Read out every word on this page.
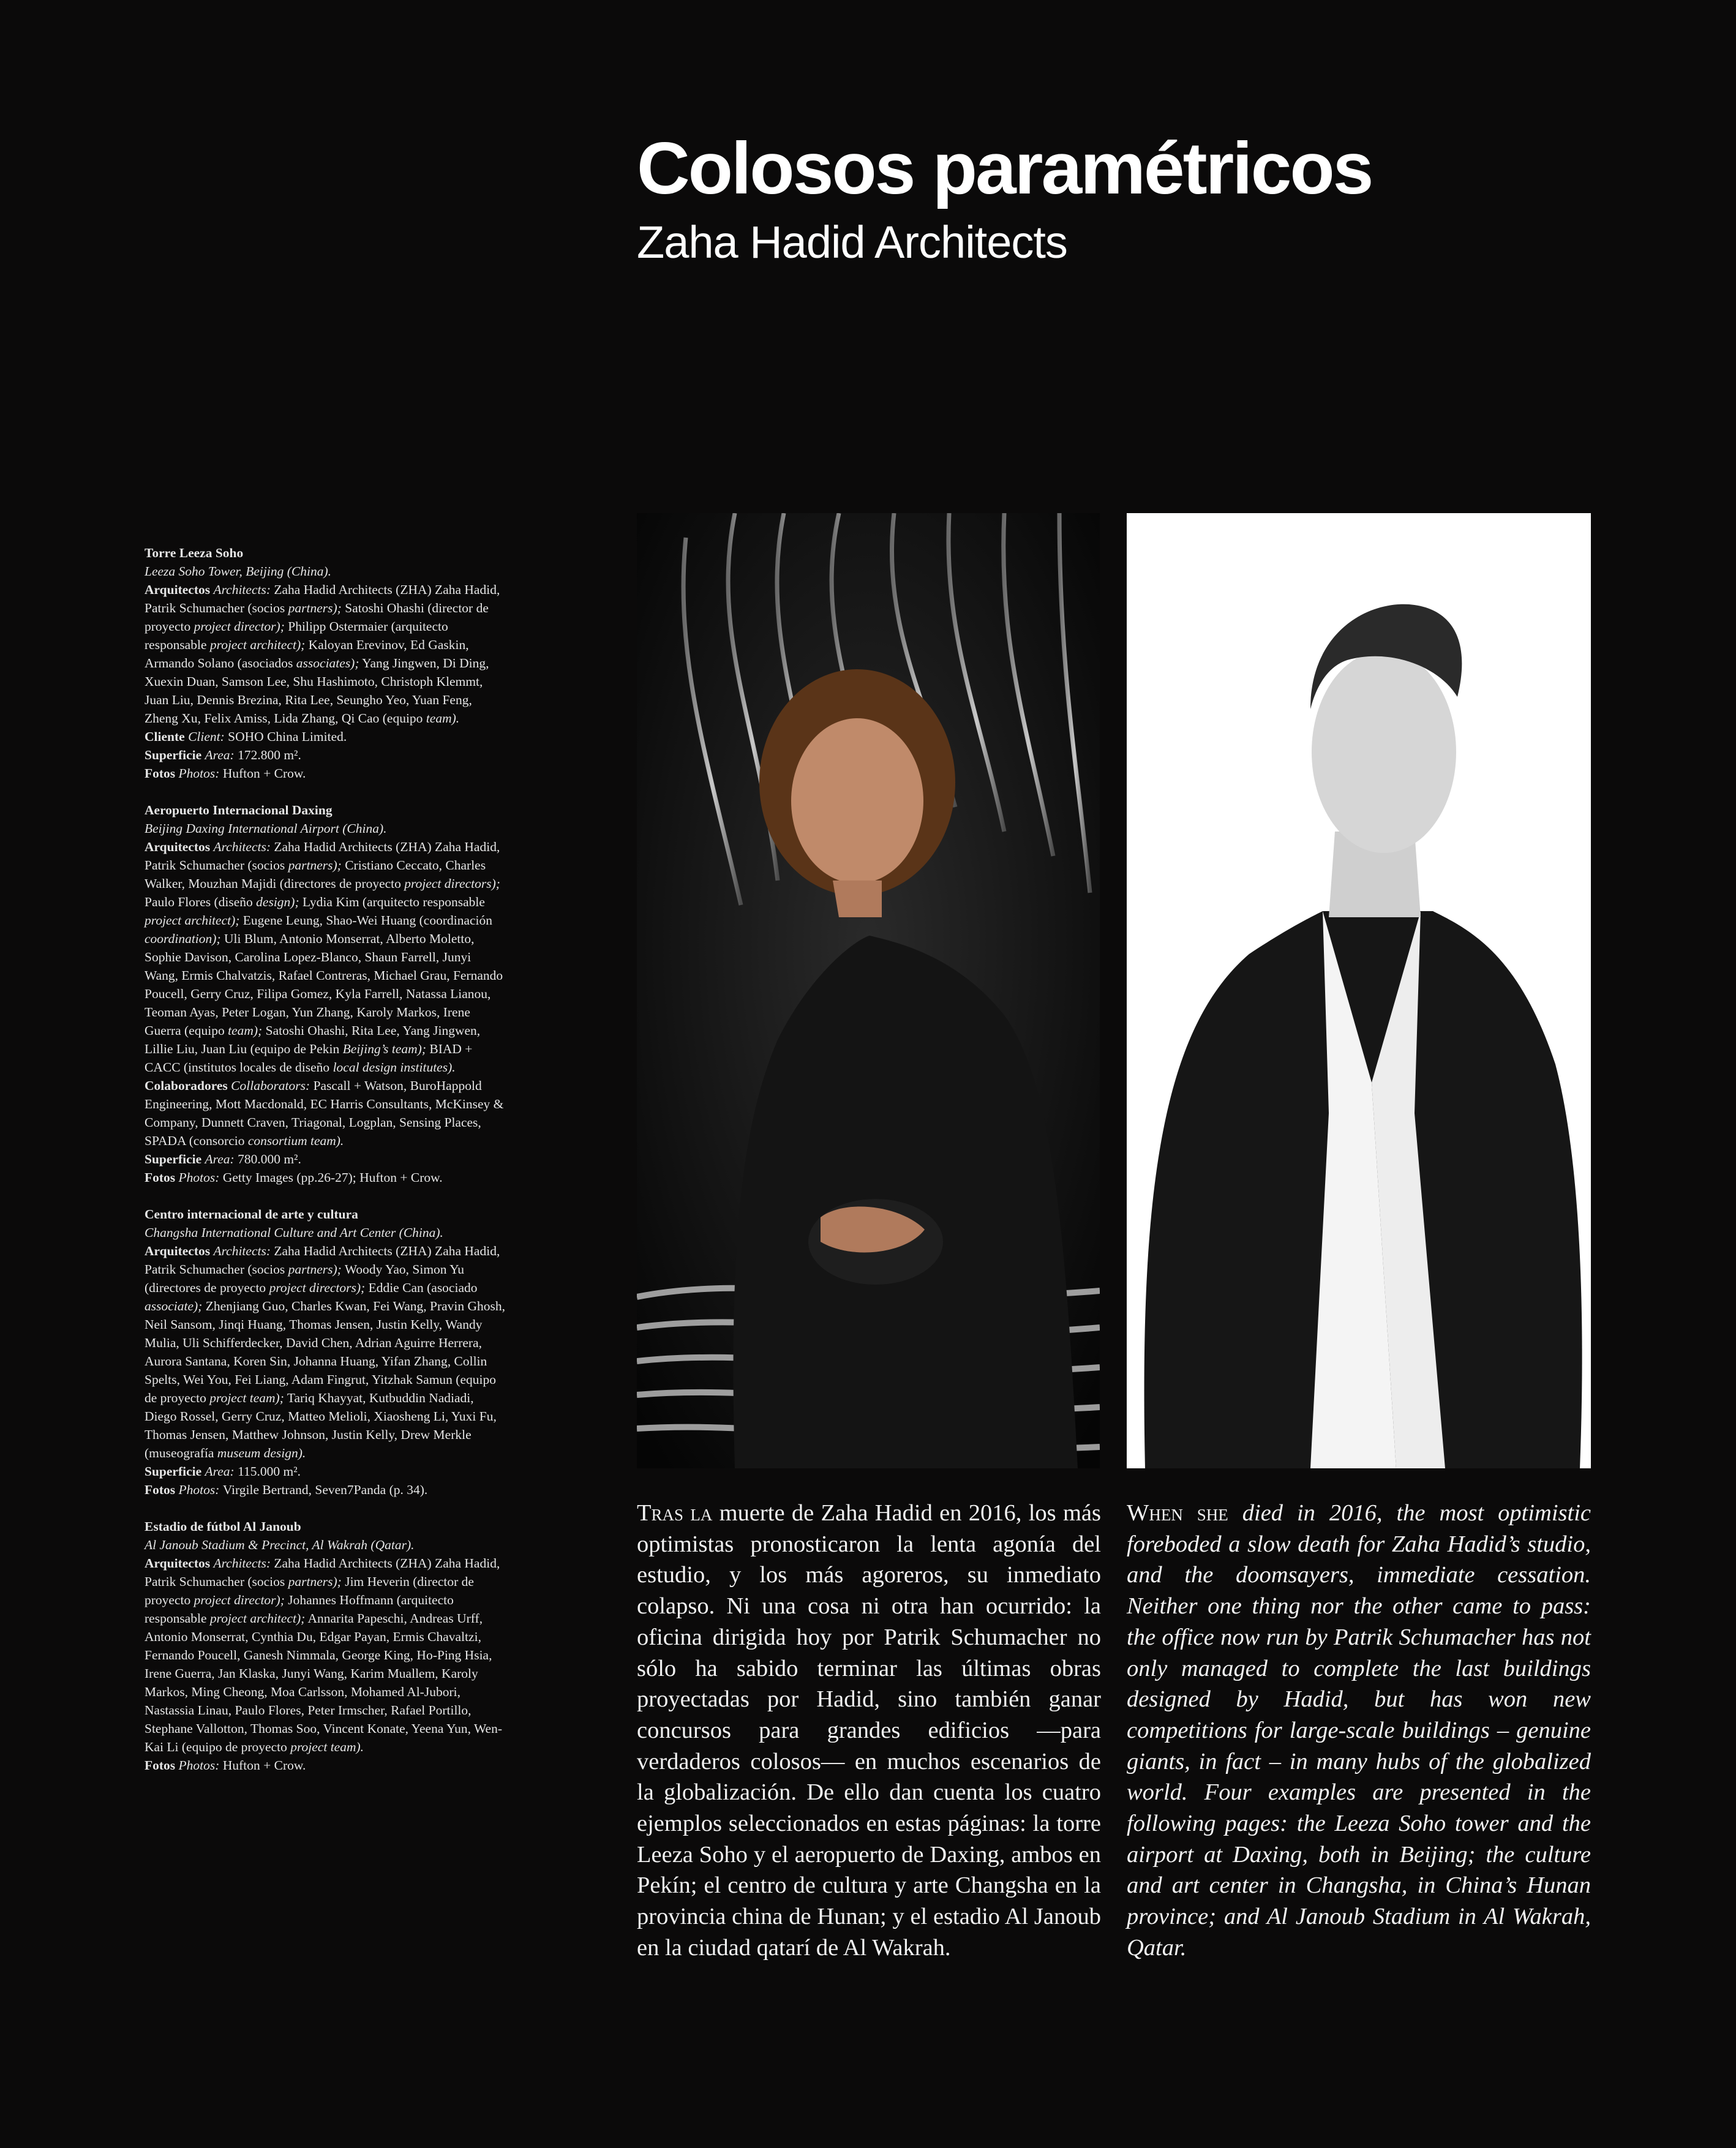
Colosos paramétricos
Zaha Hadid Architects
Torre Leeza Soho
Leeza Soho Tower, Beijing (China).
Arquitectos Architects: Zaha Hadid Architects (ZHA) Zaha Hadid, Patrik Schumacher (socios partners); Satoshi Ohashi (director de proyecto project director); Philipp Ostermaier (arquitecto responsable project architect); Kaloyan Erevinov, Ed Gaskin, Armando Solano (asociados associates); Yang Jingwen, Di Ding, Xuexin Duan, Samson Lee, Shu Hashimoto, Christoph Klemmt, Juan Liu, Dennis Brezina, Rita Lee, Seungho Yeo, Yuan Feng, Zheng Xu, Felix Amiss, Lida Zhang, Qi Cao (equipo team).
Cliente Client: SOHO China Limited.
Superficie Area: 172.800 m².
Fotos Photos: Hufton + Crow.
Aeropuerto Internacional Daxing
Beijing Daxing International Airport (China).
Arquitectos Architects: Zaha Hadid Architects (ZHA) Zaha Hadid, Patrik Schumacher (socios partners); Cristiano Ceccato, Charles Walker, Mouzhan Majidi (directores de proyecto project directors); Paulo Flores (diseño design); Lydia Kim (arquitecto responsable project architect); Eugene Leung, Shao-Wei Huang (coordinación coordination); Uli Blum, Antonio Monserrat, Alberto Moletto, Sophie Davison, Carolina Lopez-Blanco, Shaun Farrell, Junyi Wang, Ermis Chalvatzis, Rafael Contreras, Michael Grau, Fernando Poucell, Gerry Cruz, Filipa Gomez, Kyla Farrell, Natassa Lianou, Teoman Ayas, Peter Logan, Yun Zhang, Karoly Markos, Irene Guerra (equipo team); Satoshi Ohashi, Rita Lee, Yang Jingwen, Lillie Liu, Juan Liu (equipo de Pekin Beijing’s team); BIAD + CACC (institutos locales de diseño local design institutes).
Colaboradores Collaborators: Pascall + Watson, BuroHappold Engineering, Mott Macdonald, EC Harris Consultants, McKinsey & Company, Dunnett Craven, Triagonal, Logplan, Sensing Places, SPADA (consorcio consortium team).
Superficie Area: 780.000 m².
Fotos Photos: Getty Images (pp.26-27); Hufton + Crow.
Centro internacional de arte y cultura
Changsha International Culture and Art Center (China).
Arquitectos Architects: Zaha Hadid Architects (ZHA) Zaha Hadid, Patrik Schumacher (socios partners); Woody Yao, Simon Yu (directores de proyecto project directors); Eddie Can (asociado associate); Zhenjiang Guo, Charles Kwan, Fei Wang, Pravin Ghosh, Neil Sansom, Jinqi Huang, Thomas Jensen, Justin Kelly, Wandy Mulia, Uli Schifferdecker, David Chen, Adrian Aguirre Herrera, Aurora Santana, Koren Sin, Johanna Huang, Yifan Zhang, Collin Spelts, Wei You, Fei Liang, Adam Fingrut, Yitzhak Samun (equipo de proyecto project team); Tariq Khayyat, Kutbuddin Nadiadi, Diego Rossel, Gerry Cruz, Matteo Melioli, Xiaosheng Li, Yuxi Fu, Thomas Jensen, Matthew Johnson, Justin Kelly, Drew Merkle (museografía museum design).
Superficie Area: 115.000 m².
Fotos Photos: Virgile Bertrand, Seven7Panda (p. 34).
Estadio de fútbol Al Janoub
Al Janoub Stadium & Precinct, Al Wakrah (Qatar).
Arquitectos Architects: Zaha Hadid Architects (ZHA) Zaha Hadid, Patrik Schumacher (socios partners); Jim Heverin (director de proyecto project director); Johannes Hoffmann (arquitecto responsable project architect); Annarita Papeschi, Andreas Urff, Antonio Monserrat, Cynthia Du, Edgar Payan, Ermis Chavaltzi, Fernando Poucell, Ganesh Nimmala, George King, Ho-Ping Hsia, Irene Guerra, Jan Klaska, Junyi Wang, Karim Muallem, Karoly Markos, Ming Cheong, Moa Carlsson, Mohamed Al-Jubori, Nastassia Linau, Paulo Flores, Peter Irmscher, Rafael Portillo, Stephane Vallotton, Thomas Soo, Vincent Konate, Yeena Yun, Wen-Kai Li (equipo de proyecto project team).
Fotos Photos: Hufton + Crow.
Tras la muerte de Zaha Hadid en 2016, los más optimistas pronosticaron la lenta agonía del estudio, y los más agoreros, su inmediato colapso. Ni una cosa ni otra han ocurrido: la oficina dirigida hoy por Patrik Schumacher no sólo ha sabido terminar las últimas obras proyectadas por Hadid, sino también ganar concursos para grandes edificios —para verdaderos colosos— en muchos escenarios de la globalización. De ello dan cuenta los cuatro ejemplos seleccionados en estas páginas: la torre Leeza Soho y el aeropuerto de Daxing, ambos en Pekín; el centro de cultura y arte Changsha en la provincia china de Hunan; y el estadio Al Janoub en la ciudad qatarí de Al Wakrah.
When she died in 2016, the most optimistic foreboded a slow death for Zaha Hadid’s studio, and the doomsayers, immediate cessation. Neither one thing nor the other came to pass: the office now run by Patrik Schumacher has not only managed to complete the last buildings designed by Hadid, but has won new competitions for large-scale buildings – genuine giants, in fact – in many hubs of the globalized world. Four examples are presented in the following pages: the Leeza Soho tower and the airport at Daxing, both in Beijing; the culture and art center in Changsha, in China’s Hunan province; and Al Janoub Stadium in Al Wakrah, Qatar.
